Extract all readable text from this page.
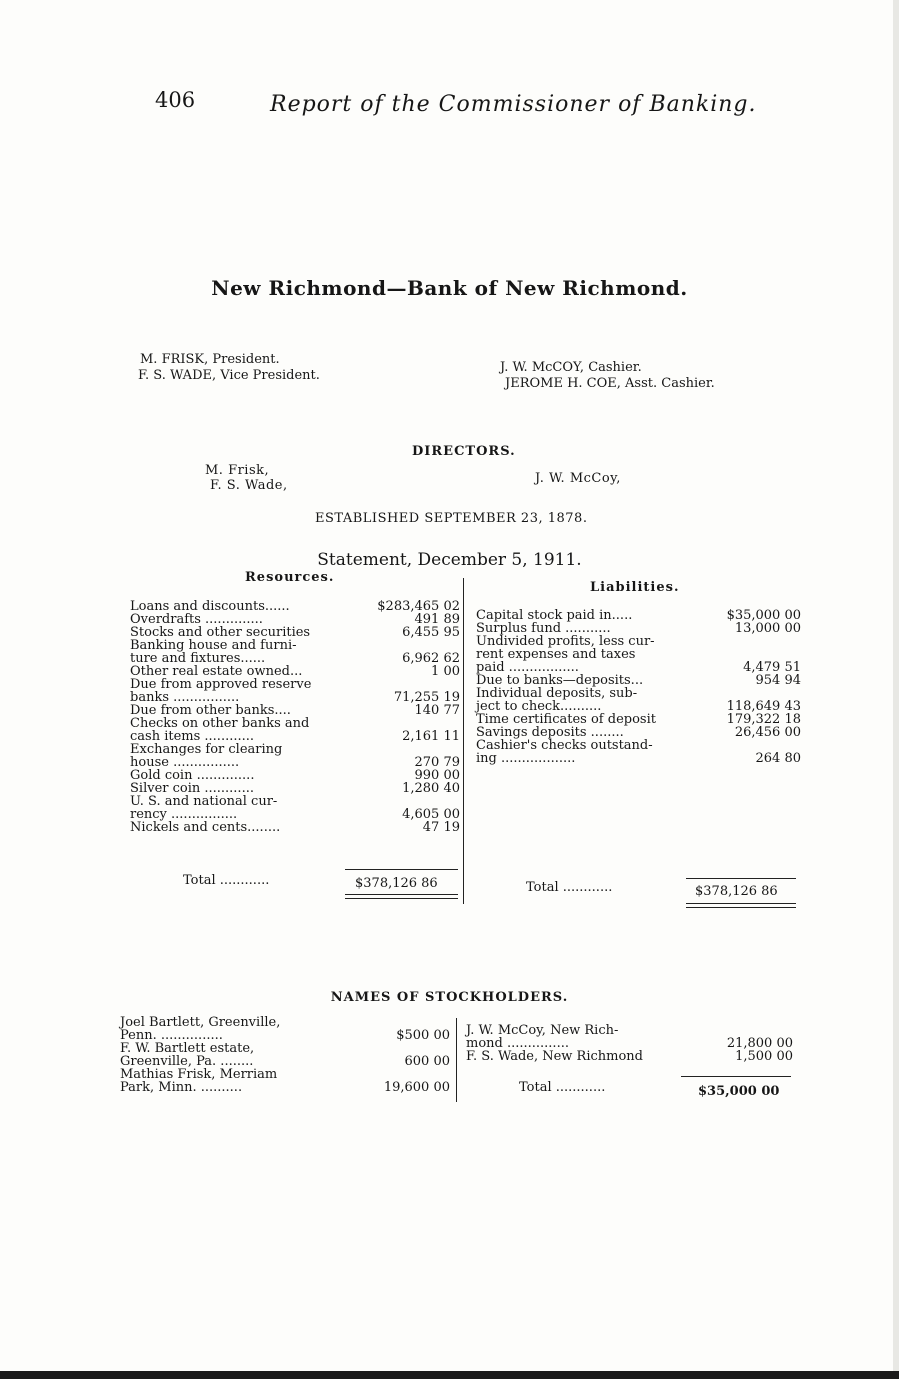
406	Report of the Commissioner of Banking.
New Richmond—Bank of New Richmond.
M. FRISK, President.
F. S. WADE, Vice President.
J. W. McCOY, Cashier.
JEROME H. COE, Asst. Cashier.
DIRECTORS.
M. Frisk,
F. S. Wade,	J. W. McCoy,
ESTABLISHED SEPTEMBER 23, 1878.
Statement, December 5, 1911.
Resources.
Liabilities.
Loans and discounts......	$283,465 02
Overdrafts ..............	491 89
Stocks and other securities	6,455 95
Banking house and furni-
ture and fixtures......	6,962 62
Other real estate owned...	1 00
Due from approved reserve
banks ................	71,255 19
Due from other banks....	140 77
Checks on other banks and
cash items ............	2,161 11
Exchanges for clearing
house ................	270 79
Gold coin ..............	990 00
Silver coin ............	1,280 40
U. S. and national cur-
rency ................	4,605 00
Nickels and cents........	47 19
Total ............	$378,126 86
Capital stock paid in.....	$35,000 00
Surplus fund ...........	13,000 00
Undivided profits, less cur-
rent expenses and taxes
paid .................	4,479 51
Due to banks—deposits...	954 94
Individual deposits, sub-
ject to check..........	118,649 43
Time certificates of deposit	179,322 18
Savings deposits ........	26,456 00
Cashier's checks outstand-
ing ..................	264 80
Total ............	$378,126 86
NAMES OF STOCKHOLDERS.
Joel Bartlett, Greenville,
Penn. ...............	$500 00
F. W. Bartlett estate,
Greenville, Pa. ........	600 00
Mathias Frisk, Merriam
Park, Minn. ..........	19,600 00
J. W. McCoy, New Rich-
mond ...............	21,800 00
F. S. Wade, New Richmond	1,500 00
Total ............	$35,000 00
